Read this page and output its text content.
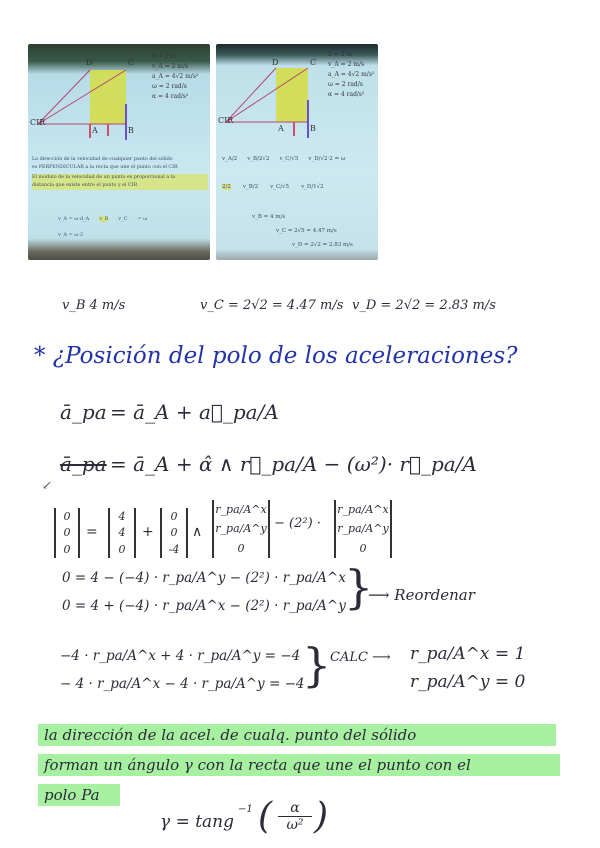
D	C
A	B
CIR
b = 2 m
v_A = 2 m/s
a_A = 4√2 m/s²
ω = 2 rad/s
α = 4 rad/s²
La dirección de la velocidad de cualquier punto del sólido
es PERPENDICULAR a la recta que une el punto con el CIR
El módulo de la velocidad de un punto es proporcional a la
distancia que existe entre el punto y el CIR
v_A = ω·d_A v_B v_C = ω
v_A = ω·2
D	C
A	B
CIR
b = 2 m
v_A = 2 m/s
a_A = 4√2 m/s²
ω = 2 rad/s
α = 4 rad/s²
v_A/2 v_B/2√2 v_C/√5 v_D/√2·2 = ω
2/2 v_B/2 v_C/√5 v_D/1√2
v_B = 4 m/s
v_C = 2√5 = 4.47 m/s
v_D = 2√2 = 2.83 m/s
v_B 4 m/s	v_C = 2√2 = 4.47 m/s v_D = 2√2 = 2.83 m/s
* ¿Posición del polo de los aceleraciones?
ā_pa = ā_A + a⃗_pa/A
ā_pa = ā_A + α̂ ∧ r⃗_pa/A − (ω²)· r⃗_pa/A
↙
0
0
0
=
4
4
0
+
0
0
-4
∧
r_pa/A^x
r_pa/A^y
0
− (2²) ·
r_pa/A^x
r_pa/A^y
0
0 = 4 − (−4) · r_pa/A^y − (2²) · r_pa/A^x
0 = 4 + (−4) · r_pa/A^x − (2²) · r_pa/A^y
}
⟶ Reordenar
−4 · r_pa/A^x + 4 · r_pa/A^y = −4
− 4 · r_pa/A^x − 4 · r_pa/A^y = −4
}
CALC ⟶ r_pa/A^x = 1
r_pa/A^y = 0
la dirección de la acel. de cualq. punto del sólido
forman un ángulo γ con la recta que une el punto con el
polo Pa
γ = tang
−1 (	α
ω² )
